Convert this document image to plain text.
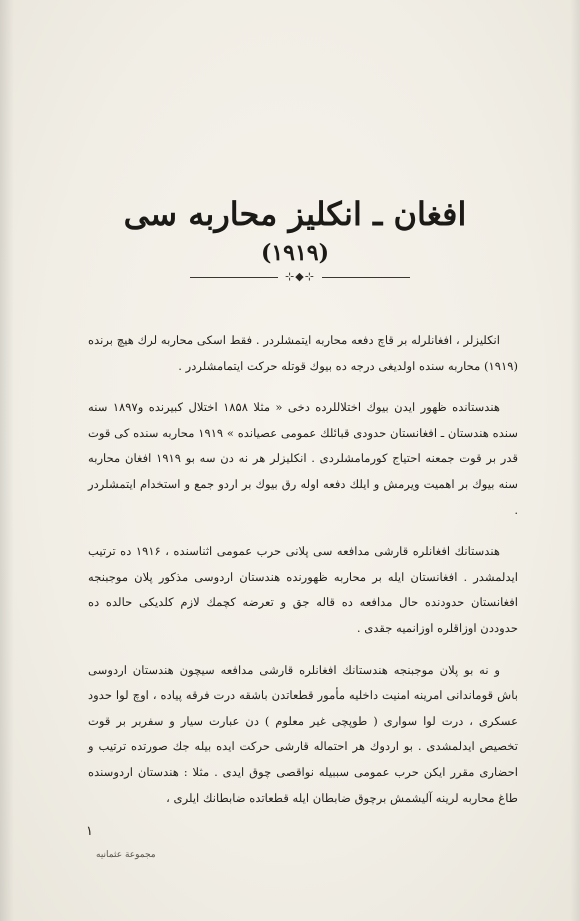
افغان ـ انكليز محاربه سى
(۱۹۱۹)
⊹◆⊹

انكليزلر ، افغانلرله بر قاچ دفعه محاربه ايتمشلردر . فقط اسكى محاربه لرك هيچ برنده (۱۹۱۹) محاربه سنده اولديغى درجه ده بيوك قوتله حركت ايتمامشلردر .

هندستانده ظهور ايدن بيوك اختلاللرده دخى « مثلا ۱۸۵۸ اختلال كبيرنده و۱۸۹۷ سنه سنده هندستان ـ افغانستان حدودى قبائلك عمومى عصيانده » ۱۹۱۹ محاربه سنده كى قوت قدر بر قوت جمعنه احتياج كورمامشلردى . انكليزلر هر نه دن سه بو ۱۹۱۹ افغان محاربه سنه بيوك بر اهميت ويرمش و ايلك دفعه اوله رق بيوك بر اردو جمع و استخدام ايتمشلردر .

هندستانك افغانلره قارشى مدافعه سى پلانى حرب عمومى اثناسنده ، ۱۹۱۶ ده ترتيب ايدلمشدر . افغانستان ايله بر محاربه ظهورنده هندستان اردوسى مذكور پلان موجبنجه افغانستان حدودنده حال مدافعه ده قاله جق و تعرضه كچمك لازم كلديكى حالده ده حدوددن اوزاقلره اوزانميه جقدى .

و نه بو پلان موجبنجه هندستانك افغانلره قارشى مدافعه سيچون هندستان اردوسى باش قوماندانى امرينه امنيت داخليه مأمور قطعاتدن باشقه درت فرقه پياده ، اوچ لوا حدود عسكرى ، درت لوا سوارى ( طوپچى غير معلوم ) دن عبارت سيار و سفربر بر قوت تخصيص ايدلمشدى . بو اردوك هر احتماله قارشى حركت ايده بيله جك صورتده ترتيب و احضارى مقرر ايكن حرب عمومى سببيله نواقصى چوق ايدى . مثلا : هندستان اردوسنده طاغ محاربه لرينه آليشمش برچوق ضابطان ايله قطعاتده ضابطانك ايلرى ،

۱
مجموعة عثمانيه
